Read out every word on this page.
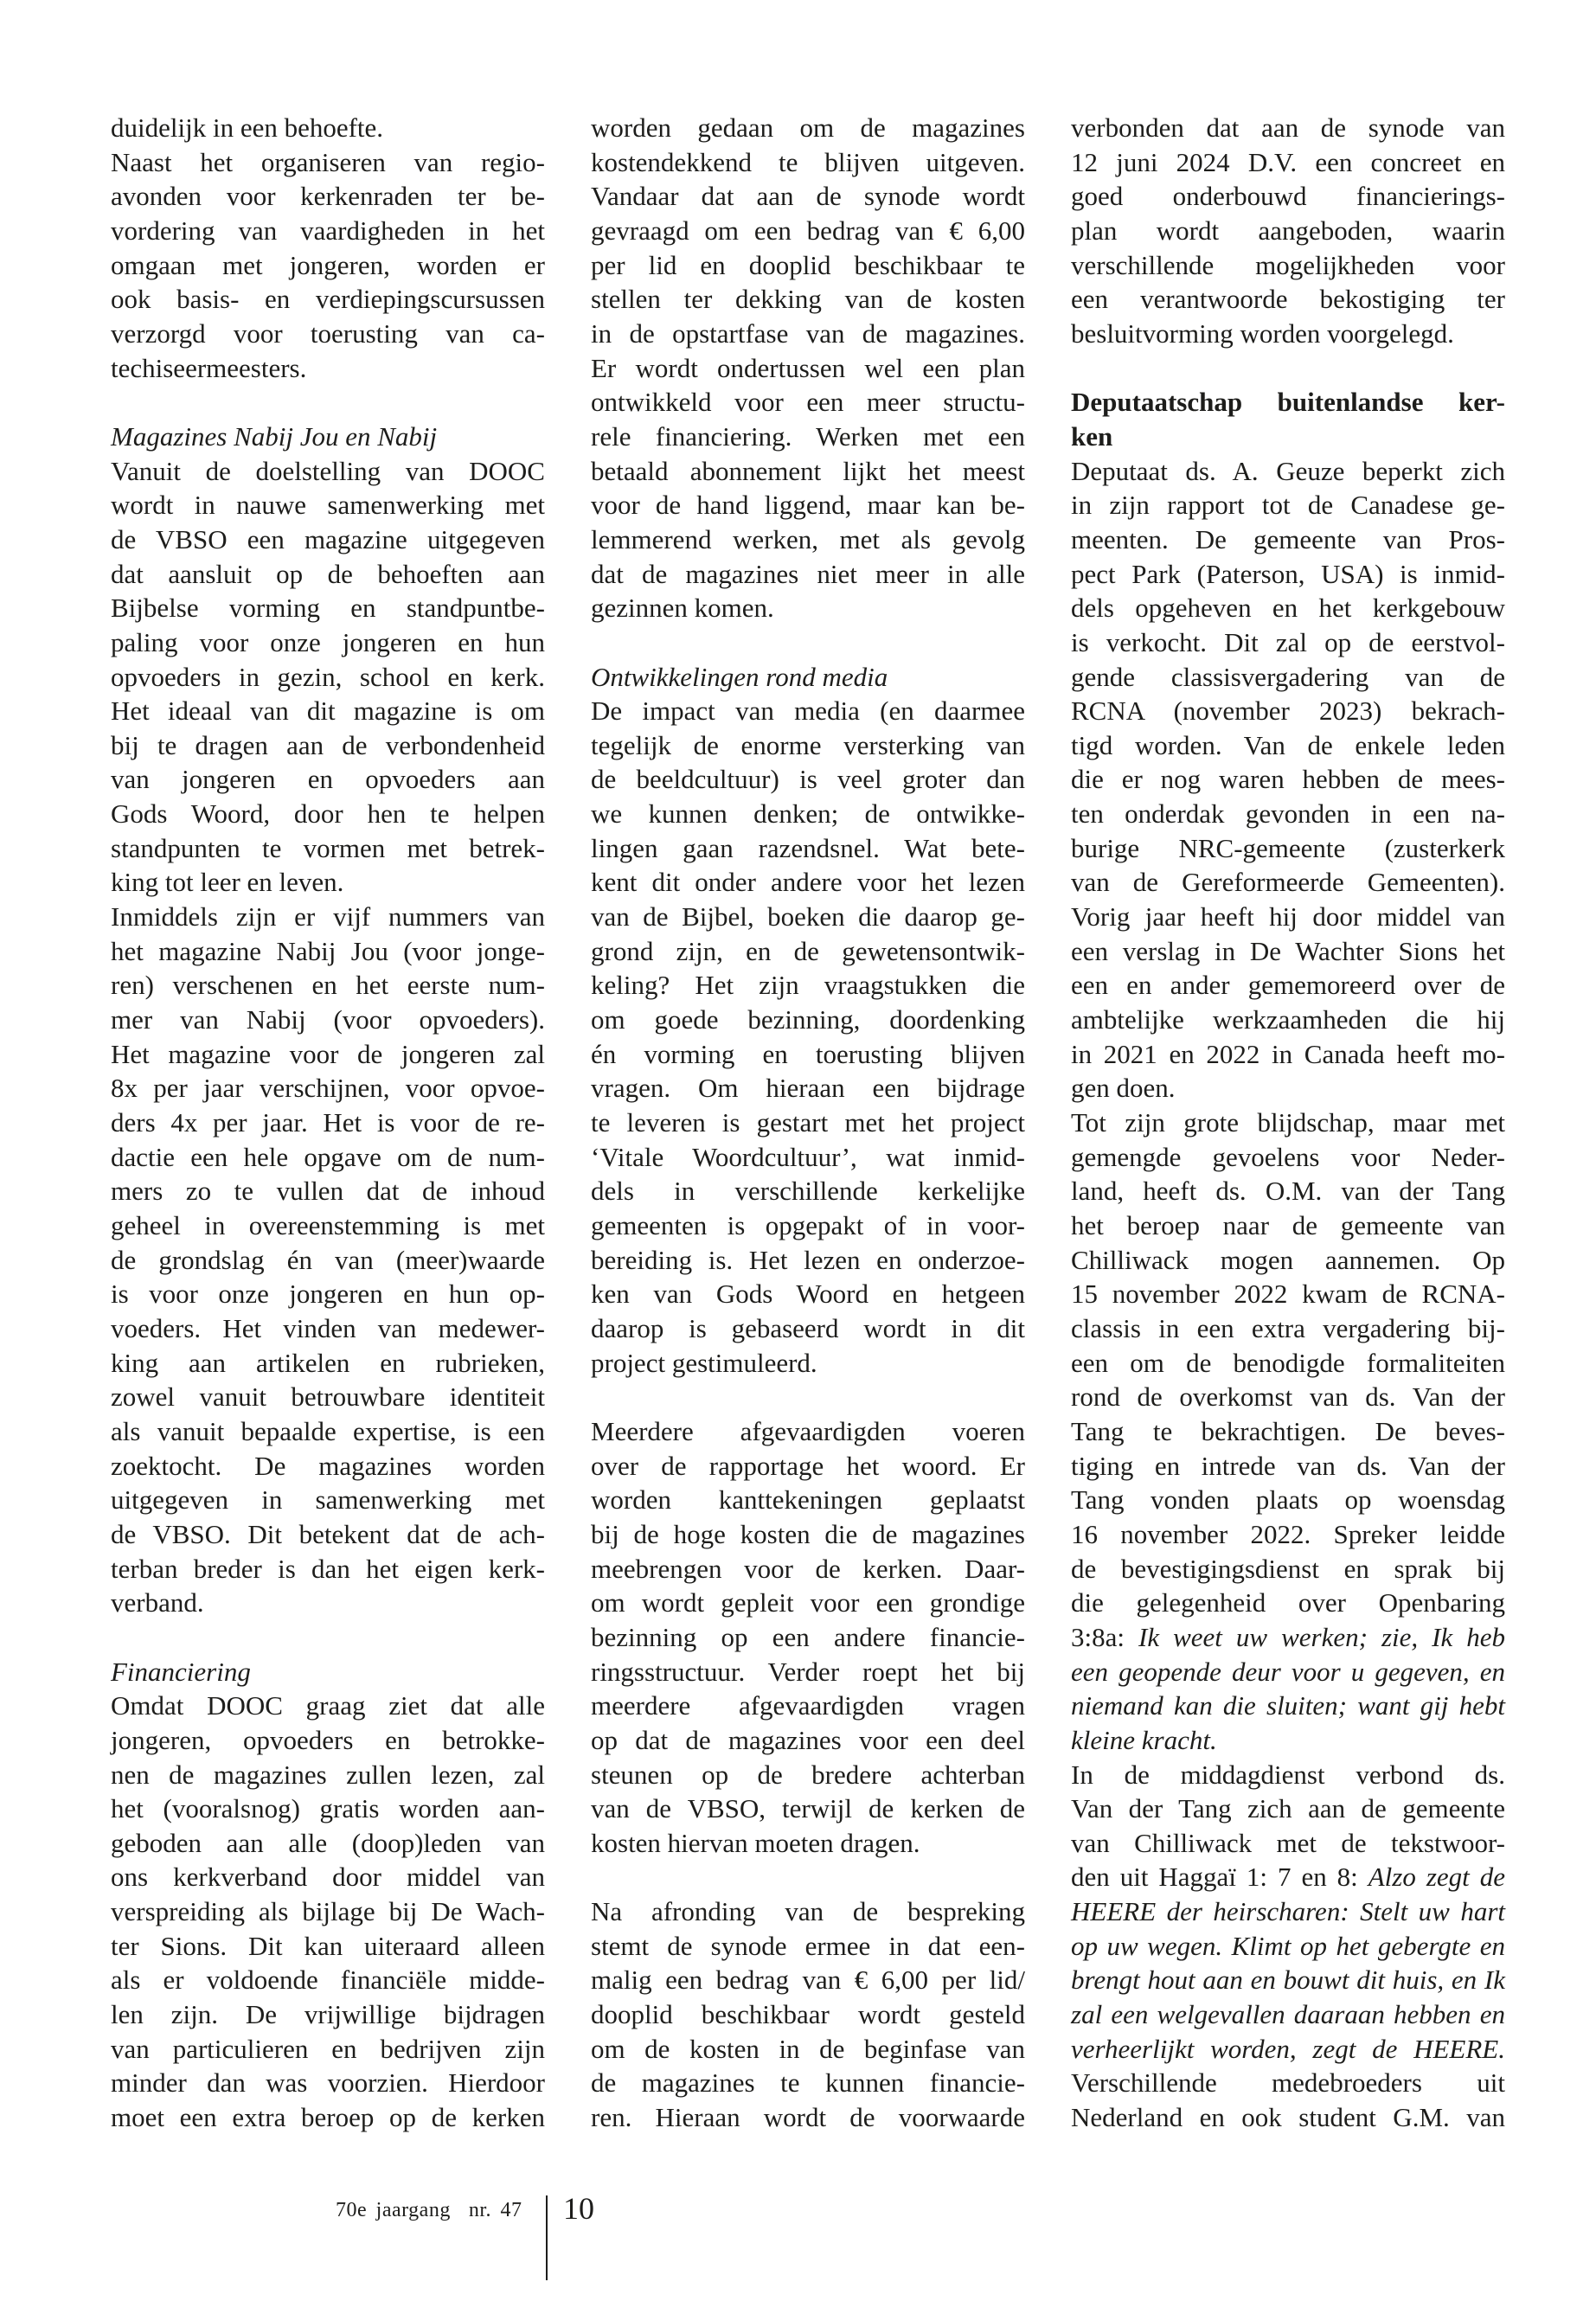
duidelijk in een behoefte.
Naast het organiseren van regio-
avonden voor kerkenraden ter be-
vordering van vaardigheden in het
omgaan met jongeren, worden er
ook basis- en verdiepingscursussen
verzorgd voor toerusting van ca-
techiseermeesters.
Magazines Nabij Jou en Nabij
Vanuit de doelstelling van DOOC
wordt in nauwe samenwerking met
de VBSO een magazine uitgegeven
dat aansluit op de behoeften aan
Bijbelse vorming en standpuntbe-
paling voor onze jongeren en hun
opvoeders in gezin, school en kerk.
Het ideaal van dit magazine is om
bij te dragen aan de verbondenheid
van jongeren en opvoeders aan
Gods Woord, door hen te helpen
standpunten te vormen met betrek-
king tot leer en leven.
Inmiddels zijn er vijf nummers van
het magazine Nabij Jou (voor jonge-
ren) verschenen en het eerste num-
mer van Nabij (voor opvoeders).
Het magazine voor de jongeren zal
8x per jaar verschijnen, voor opvoe-
ders 4x per jaar. Het is voor de re-
dactie een hele opgave om de num-
mers zo te vullen dat de inhoud
geheel in overeenstemming is met
de grondslag én van (meer)waarde
is voor onze jongeren en hun op-
voeders. Het vinden van medewer-
king aan artikelen en rubrieken,
zowel vanuit betrouwbare identiteit
als vanuit bepaalde expertise, is een
zoektocht. De magazines worden
uitgegeven in samenwerking met
de VBSO. Dit betekent dat de ach-
terban breder is dan het eigen kerk-
verband.
Financiering
Omdat DOOC graag ziet dat alle
jongeren, opvoeders en betrokke-
nen de magazines zullen lezen, zal
het (vooralsnog) gratis worden aan-
geboden aan alle (doop)leden van
ons kerkverband door middel van
verspreiding als bijlage bij De Wach-
ter Sions. Dit kan uiteraard alleen
als er voldoende financiële midde-
len zijn. De vrijwillige bijdragen
van particulieren en bedrijven zijn
minder dan was voorzien. Hierdoor
moet een extra beroep op de kerken
worden gedaan om de magazines
kostendekkend te blijven uitgeven.
Vandaar dat aan de synode wordt
gevraagd om een bedrag van € 6,00
per lid en dooplid beschikbaar te
stellen ter dekking van de kosten
in de opstartfase van de magazines.
Er wordt ondertussen wel een plan
ontwikkeld voor een meer structu-
rele financiering. Werken met een
betaald abonnement lijkt het meest
voor de hand liggend, maar kan be-
lemmerend werken, met als gevolg
dat de magazines niet meer in alle
gezinnen komen.
Ontwikkelingen rond media
De impact van media (en daarmee
tegelijk de enorme versterking van
de beeldcultuur) is veel groter dan
we kunnen denken; de ontwikke-
lingen gaan razendsnel. Wat bete-
kent dit onder andere voor het lezen
van de Bijbel, boeken die daarop ge-
grond zijn, en de gewetensontwik-
keling? Het zijn vraagstukken die
om goede bezinning, doordenking
én vorming en toerusting blijven
vragen. Om hieraan een bijdrage
te leveren is gestart met het project
‘Vitale Woordcultuur’, wat inmid-
dels in verschillende kerkelijke
gemeenten is opgepakt of in voor-
bereiding is. Het lezen en onderzoe-
ken van Gods Woord en hetgeen
daarop is gebaseerd wordt in dit
project gestimuleerd.
Meerdere afgevaardigden voeren
over de rapportage het woord. Er
worden kanttekeningen geplaatst
bij de hoge kosten die de magazines
meebrengen voor de kerken. Daar-
om wordt gepleit voor een grondige
bezinning op een andere financie-
ringsstructuur. Verder roept het bij
meerdere afgevaardigden vragen
op dat de magazines voor een deel
steunen op de bredere achterban
van de VBSO, terwijl de kerken de
kosten hiervan moeten dragen.
Na afronding van de bespreking
stemt de synode ermee in dat een-
malig een bedrag van € 6,00 per lid/
dooplid beschikbaar wordt gesteld
om de kosten in de beginfase van
de magazines te kunnen financie-
ren. Hieraan wordt de voorwaarde
verbonden dat aan de synode van
12 juni 2024 D.V. een concreet en
goed onderbouwd financierings-
plan wordt aangeboden, waarin
verschillende mogelijkheden voor
een verantwoorde bekostiging ter
besluitvorming worden voorgelegd.
Deputaatschap buitenlandse ker-
ken
Deputaat ds. A. Geuze beperkt zich
in zijn rapport tot de Canadese ge-
meenten. De gemeente van Pros-
pect Park (Paterson, USA) is inmid-
dels opgeheven en het kerkgebouw
is verkocht. Dit zal op de eerstvol-
gende classisvergadering van de
RCNA (november 2023) bekrach-
tigd worden. Van de enkele leden
die er nog waren hebben de mees-
ten onderdak gevonden in een na-
burige NRC-gemeente (zusterkerk
van de Gereformeerde Gemeenten).
Vorig jaar heeft hij door middel van
een verslag in De Wachter Sions het
een en ander gememoreerd over de
ambtelijke werkzaamheden die hij
in 2021 en 2022 in Canada heeft mo-
gen doen.
Tot zijn grote blijdschap, maar met
gemengde gevoelens voor Neder-
land, heeft ds. O.M. van der Tang
het beroep naar de gemeente van
Chilliwack mogen aannemen. Op
15 november 2022 kwam de RCNA-
classis in een extra vergadering bij-
een om de benodigde formaliteiten
rond de overkomst van ds. Van der
Tang te bekrachtigen. De beves-
tiging en intrede van ds. Van der
Tang vonden plaats op woensdag
16 november 2022. Spreker leidde
de bevestigingsdienst en sprak bij
die gelegenheid over Openbaring
3:8a: Ik weet uw werken; zie, Ik heb
een geopende deur voor u gegeven, en
niemand kan die sluiten; want gij hebt
kleine kracht.
In de middagdienst verbond ds.
Van der Tang zich aan de gemeente
van Chilliwack met de tekstwoor-
den uit Haggaï 1: 7 en 8: Alzo zegt de
HEERE der heirscharen: Stelt uw hart
op uw wegen. Klimt op het gebergte en
brengt hout aan en bouwt dit huis, en Ik
zal een welgevallen daaraan hebben en
verheerlijkt worden, zegt de HEERE.
Verschillende medebroeders uit
Nederland en ook student G.M. van
70e jaargang  nr. 47 10
